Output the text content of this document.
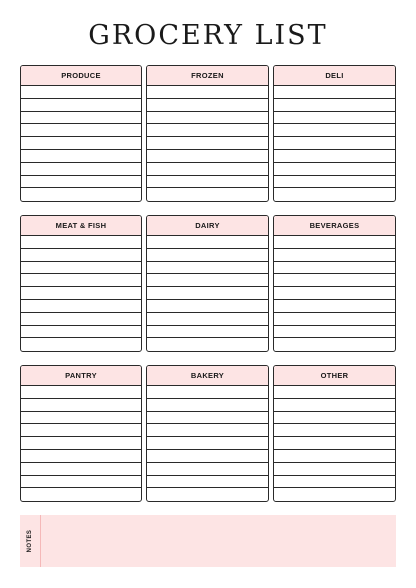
GROCERY LIST
PRODUCE	FROZEN	DELI
MEAT & FISH	DAIRY	BEVERAGES
PANTRY	BAKERY	OTHER
NOTES
